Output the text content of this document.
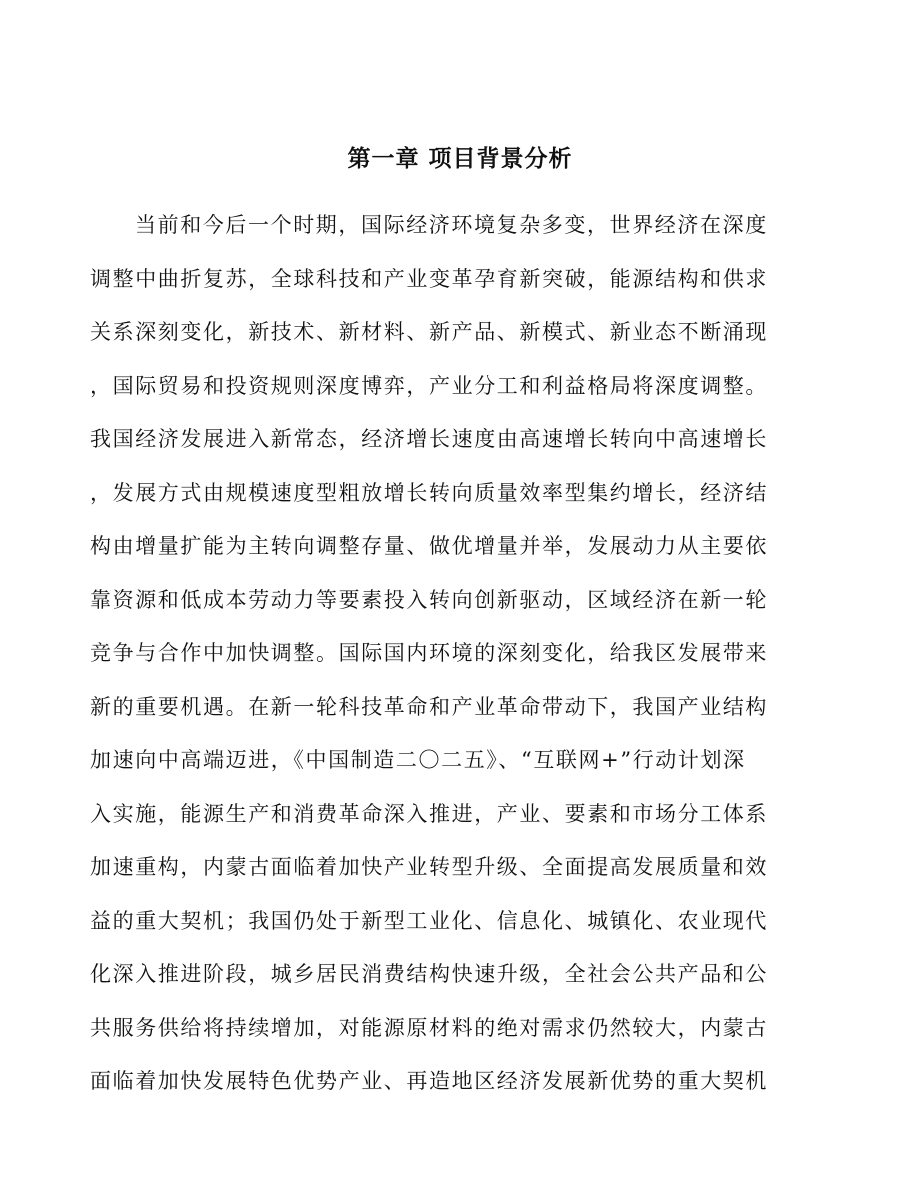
第一章 项目背景分析
当前和今后一个时期，国际经济环境复杂多变，世界经济在深度
调整中曲折复苏，全球科技和产业变革孕育新突破，能源结构和供求
关系深刻变化，新技术、新材料、新产品、新模式、新业态不断涌现
，国际贸易和投资规则深度博弈，产业分工和利益格局将深度调整。
我国经济发展进入新常态，经济增长速度由高速增长转向中高速增长
，发展方式由规模速度型粗放增长转向质量效率型集约增长，经济结
构由增量扩能为主转向调整存量、做优增量并举，发展动力从主要依
靠资源和低成本劳动力等要素投入转向创新驱动，区域经济在新一轮
竞争与合作中加快调整。国际国内环境的深刻变化，给我区发展带来
新的重要机遇。在新一轮科技革命和产业革命带动下，我国产业结构
加速向中高端迈进，《中国制造二〇二五》、“互联网+”行动计划深
入实施，能源生产和消费革命深入推进，产业、要素和市场分工体系
加速重构，内蒙古面临着加快产业转型升级、全面提高发展质量和效
益的重大契机；我国仍处于新型工业化、信息化、城镇化、农业现代
化深入推进阶段，城乡居民消费结构快速升级，全社会公共产品和公
共服务供给将持续增加，对能源原材料的绝对需求仍然较大，内蒙古
面临着加快发展特色优势产业、再造地区经济发展新优势的重大契机
